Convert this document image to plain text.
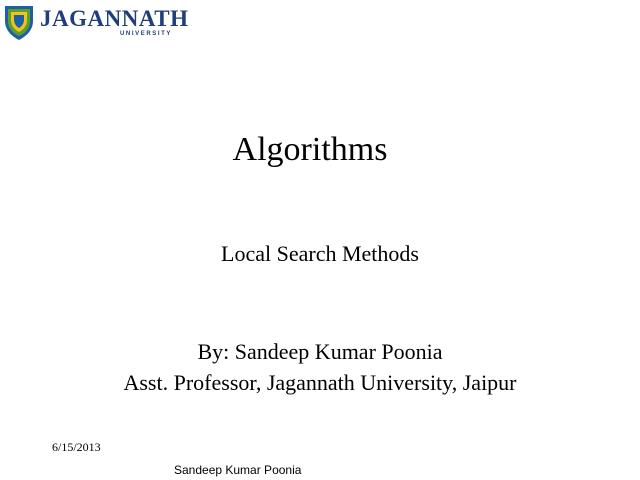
JAGANNATH
UNIVERSITY
Algorithms
Local Search Methods
By: Sandeep Kumar Poonia
Asst. Professor, Jagannath University, Jaipur
6/15/2013
Sandeep Kumar Poonia
